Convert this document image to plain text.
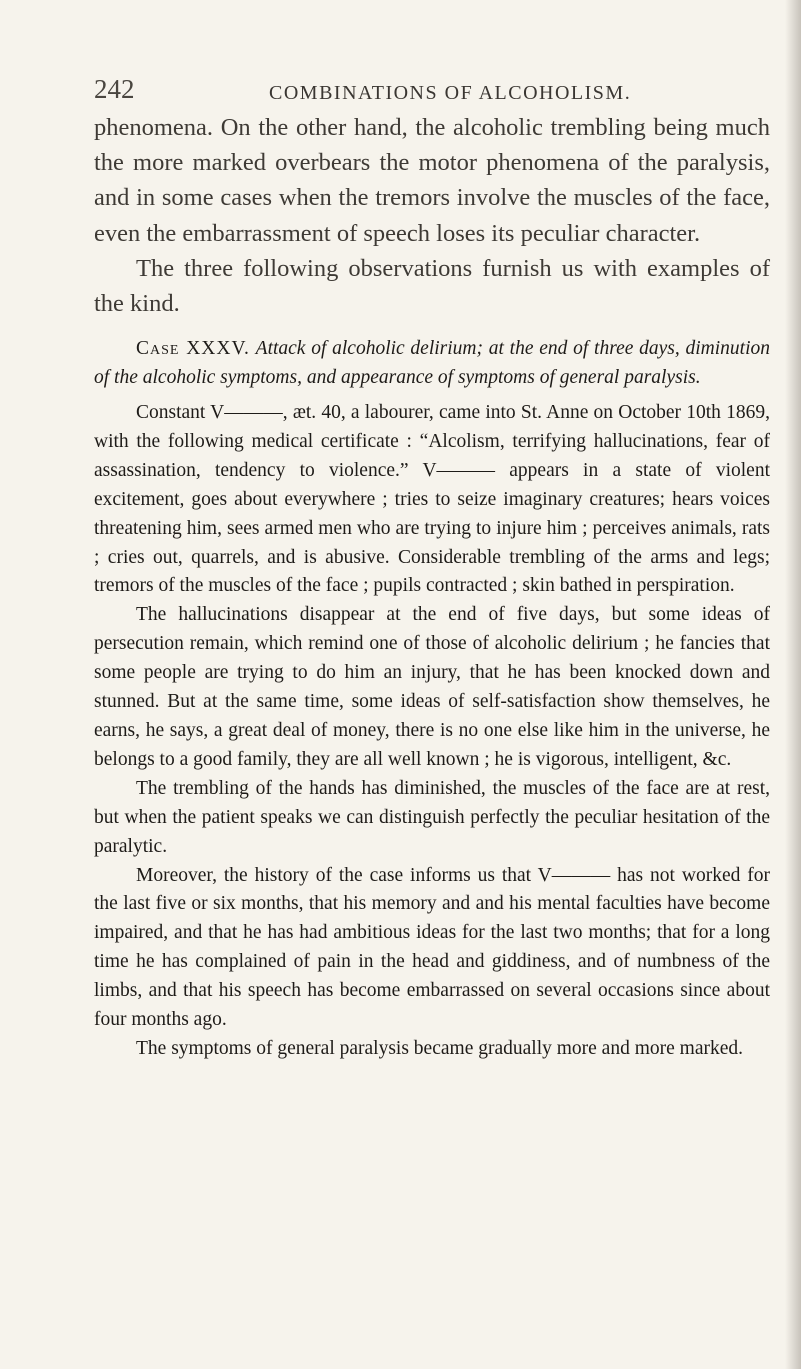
242	COMBINATIONS OF ALCOHOLISM.

phenomena. On the other hand, the alcoholic trembling being much the more marked overbears the motor phenomena of the paralysis, and in some cases when the tremors involve the muscles of the face, even the embarrassment of speech loses its peculiar character.

The three following observations furnish us with examples of the kind.

Case XXXV. Attack of alcoholic delirium; at the end of three days, diminution of the alcoholic symptoms, and appearance of symptoms of general paralysis.

Constant V———, æt. 40, a labourer, came into St. Anne on October 10th 1869, with the following medical certificate : “Alcolism, terrifying hallucinations, fear of assassination, tendency to violence.” V——— appears in a state of violent excitement, goes about everywhere ; tries to seize imaginary creatures; hears voices threatening him, sees armed men who are trying to injure him ; perceives animals, rats ; cries out, quarrels, and is abusive. Considerable trembling of the arms and legs; tremors of the muscles of the face ; pupils contracted ; skin bathed in perspiration.

The hallucinations disappear at the end of five days, but some ideas of persecution remain, which remind one of those of alcoholic delirium ; he fancies that some people are trying to do him an injury, that he has been knocked down and stunned. But at the same time, some ideas of self-satisfaction show themselves, he earns, he says, a great deal of money, there is no one else like him in the universe, he belongs to a good family, they are all well known ; he is vigorous, intelligent, &c.

The trembling of the hands has diminished, the muscles of the face are at rest, but when the patient speaks we can distinguish perfectly the peculiar hesitation of the paralytic.

Moreover, the history of the case informs us that V——— has not worked for the last five or six months, that his memory and and his mental faculties have become impaired, and that he has had ambitious ideas for the last two months; that for a long time he has complained of pain in the head and giddiness, and of numbness of the limbs, and that his speech has become embarrassed on several occasions since about four months ago.

The symptoms of general paralysis became gradually more and more marked.
